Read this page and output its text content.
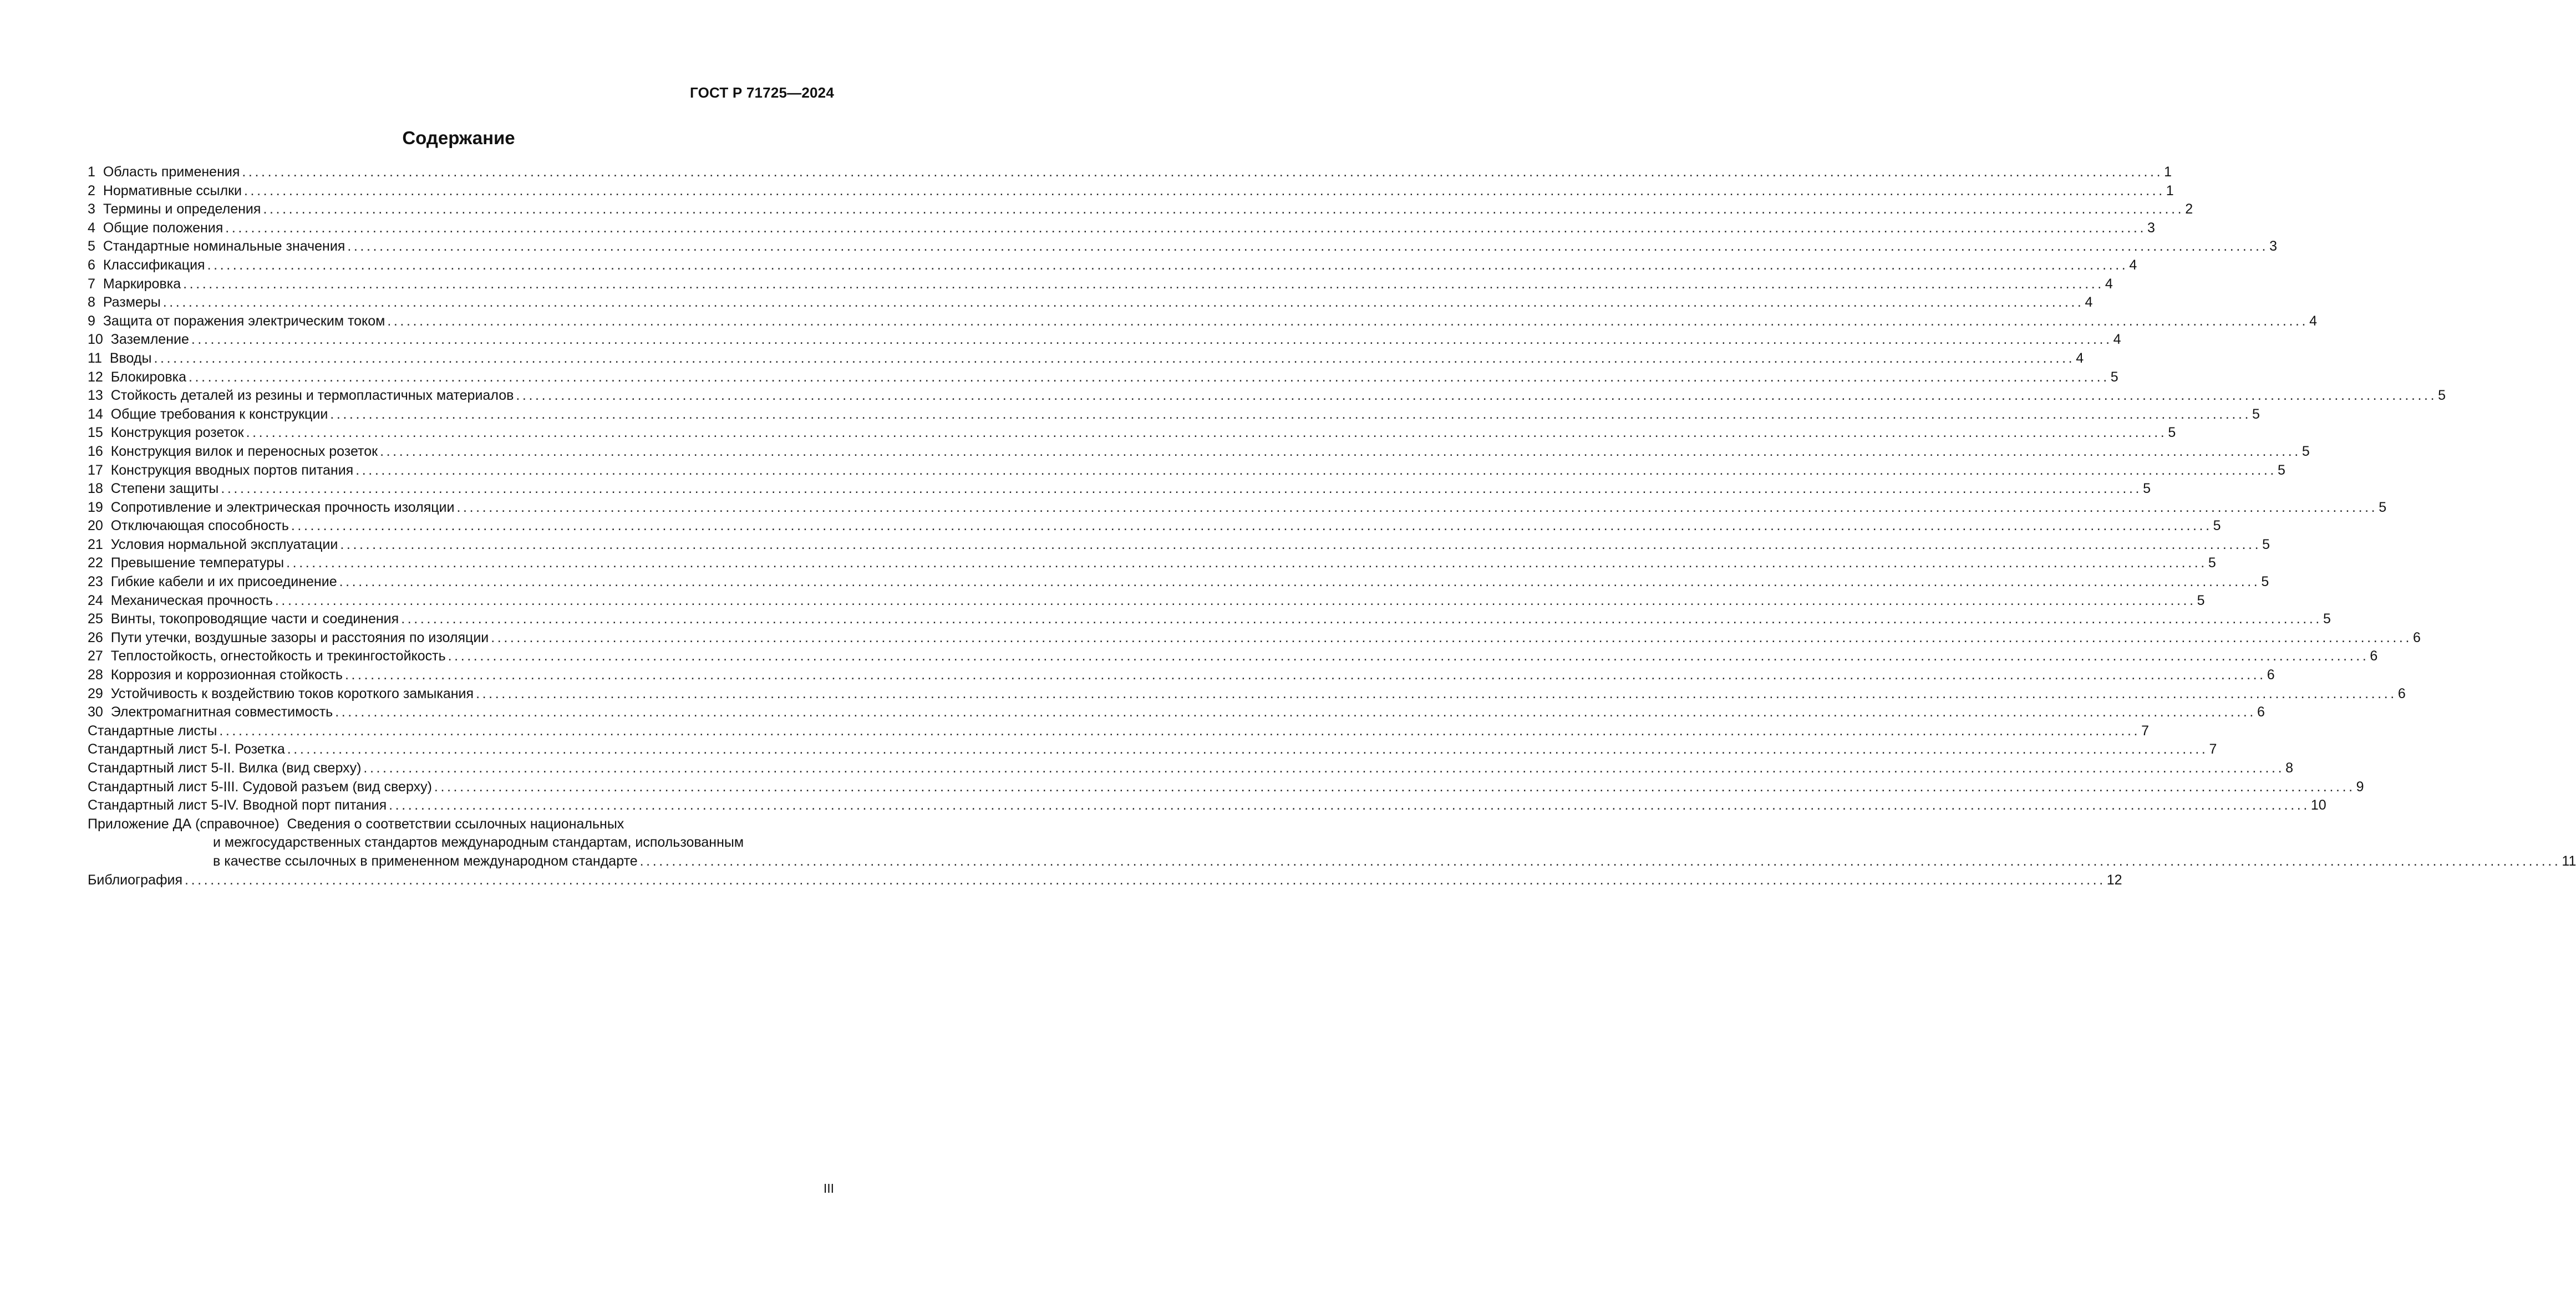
ГОСТ Р 71725—2024
Содержание
1 Область применения ............................................................................................................................................................................................................................................................................................................ 1
2 Нормативные ссылки ............................................................................................................................................................................................................................................................................................................ 1
3 Термины и определения ............................................................................................................................................................................................................................................................................................................ 2
4 Общие положения ............................................................................................................................................................................................................................................................................................................ 3
5 Стандартные номинальные значения ............................................................................................................................................................................................................................................................................................................ 3
6 Классификация ............................................................................................................................................................................................................................................................................................................ 4
7 Маркировка ............................................................................................................................................................................................................................................................................................................ 4
8 Размеры ............................................................................................................................................................................................................................................................................................................ 4
9 Защита от поражения электрическим током ............................................................................................................................................................................................................................................................................................................ 4
10 Заземление ............................................................................................................................................................................................................................................................................................................ 4
11 Вводы ............................................................................................................................................................................................................................................................................................................ 4
12 Блокировка ............................................................................................................................................................................................................................................................................................................ 5
13 Стойкость деталей из резины и термопластичных материалов ............................................................................................................................................................................................................................................................................................................ 5
14 Общие требования к конструкции ............................................................................................................................................................................................................................................................................................................ 5
15 Конструкция розеток ............................................................................................................................................................................................................................................................................................................ 5
16 Конструкция вилок и переносных розеток ............................................................................................................................................................................................................................................................................................................ 5
17 Конструкция вводных портов питания ............................................................................................................................................................................................................................................................................................................ 5
18 Степени защиты ............................................................................................................................................................................................................................................................................................................ 5
19 Сопротивление и электрическая прочность изоляции ............................................................................................................................................................................................................................................................................................................ 5
20 Отключающая способность ............................................................................................................................................................................................................................................................................................................ 5
21 Условия нормальной эксплуатации ............................................................................................................................................................................................................................................................................................................ 5
22 Превышение температуры ............................................................................................................................................................................................................................................................................................................ 5
23 Гибкие кабели и их присоединение ............................................................................................................................................................................................................................................................................................................ 5
24 Механическая прочность ............................................................................................................................................................................................................................................................................................................ 5
25 Винты, токопроводящие части и соединения ............................................................................................................................................................................................................................................................................................................ 5
26 Пути утечки, воздушные зазоры и расстояния по изоляции ............................................................................................................................................................................................................................................................................................................ 6
27 Теплостойкость, огнестойкость и трекингостойкость ............................................................................................................................................................................................................................................................................................................ 6
28 Коррозия и коррозионная стойкость ............................................................................................................................................................................................................................................................................................................ 6
29 Устойчивость к воздействию токов короткого замыкания ............................................................................................................................................................................................................................................................................................................ 6
30 Электромагнитная совместимость ............................................................................................................................................................................................................................................................................................................ 6
Стандартные листы ............................................................................................................................................................................................................................................................................................................ 7
Стандартный лист 5-I. Розетка ............................................................................................................................................................................................................................................................................................................ 7
Стандартный лист 5-II. Вилка (вид сверху) ............................................................................................................................................................................................................................................................................................................ 8
Стандартный лист 5-III. Судовой разъем (вид сверху) ............................................................................................................................................................................................................................................................................................................ 9
Стандартный лист 5-IV. Вводной порт питания ............................................................................................................................................................................................................................................................................................................ 10
Приложение ДА (справочное) Сведения о соответствии ссылочных национальных
и межгосударственных стандартов международным стандартам, использованным
в качестве ссылочных в примененном международном стандарте ............................................................................................................................................................................................................................................................................................................ 11
Библиография ............................................................................................................................................................................................................................................................................................................ 12
III
